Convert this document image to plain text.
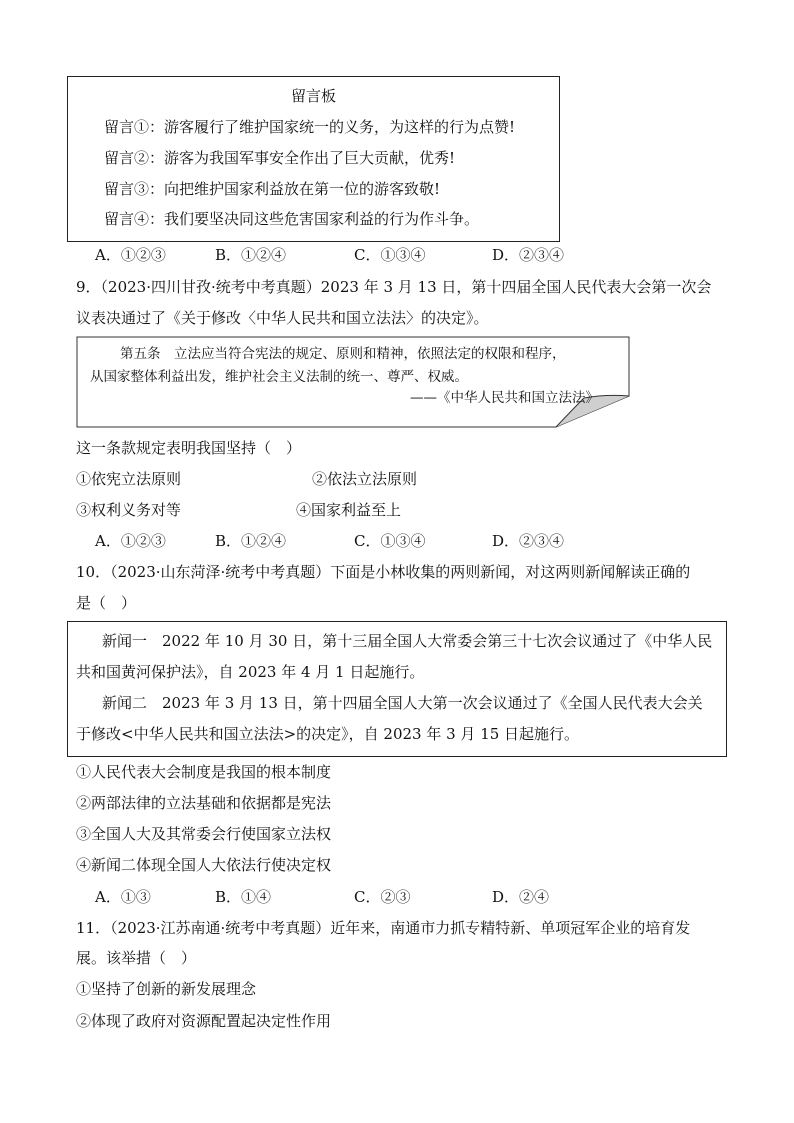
留言板
留言①：游客履行了维护国家统一的义务，为这样的行为点赞!
留言②：游客为我国军事安全作出了巨大贡献，优秀!
留言③：向把维护国家利益放在第一位的游客致敬!
留言④：我们要坚决同这些危害国家利益的行为作斗争。
A．①②③	B．①②④	C．①③④	D．②③④
9．（2023·四川甘孜·统考中考真题）2023 年 3 月 13 日，第十四届全国人民代表大会第一次会
议表决通过了《关于修改〈中华人民共和国立法法〉的决定》。
第五条　立法应当符合宪法的规定、原则和精神，依照法定的权限和程序，
从国家整体利益出发，维护社会主义法制的统一、尊严、权威。
——《中华人民共和国立法法》
这一条款规定表明我国坚持（　）
①依宪立法原则	②依法立法原则
③权利义务对等	④国家利益至上
A．①②③	B．①②④	C．①③④	D．②③④
10．（2023·山东菏泽·统考中考真题）下面是小林收集的两则新闻，对这两则新闻解读正确的
是（　）
新闻一　2022 年 10 月 30 日，第十三届全国人大常委会第三十七次会议通过了《中华人民
共和国黄河保护法》，自 2023 年 4 月 1 日起施行。
新闻二　2023 年 3 月 13 日，第十四届全国人大第一次会议通过了《全国人民代表大会关
于修改<中华人民共和国立法法>的决定》，自 2023 年 3 月 15 日起施行。
①人民代表大会制度是我国的根本制度
②两部法律的立法基础和依据都是宪法
③全国人大及其常委会行使国家立法权
④新闻二体现全国人大依法行使决定权
A．①③	B．①④	C．②③	D．②④
11．（2023·江苏南通·统考中考真题）近年来，南通市力抓专精特新、单项冠军企业的培育发
展。该举措（　）
①坚持了创新的新发展理念
②体现了政府对资源配置起决定性作用
